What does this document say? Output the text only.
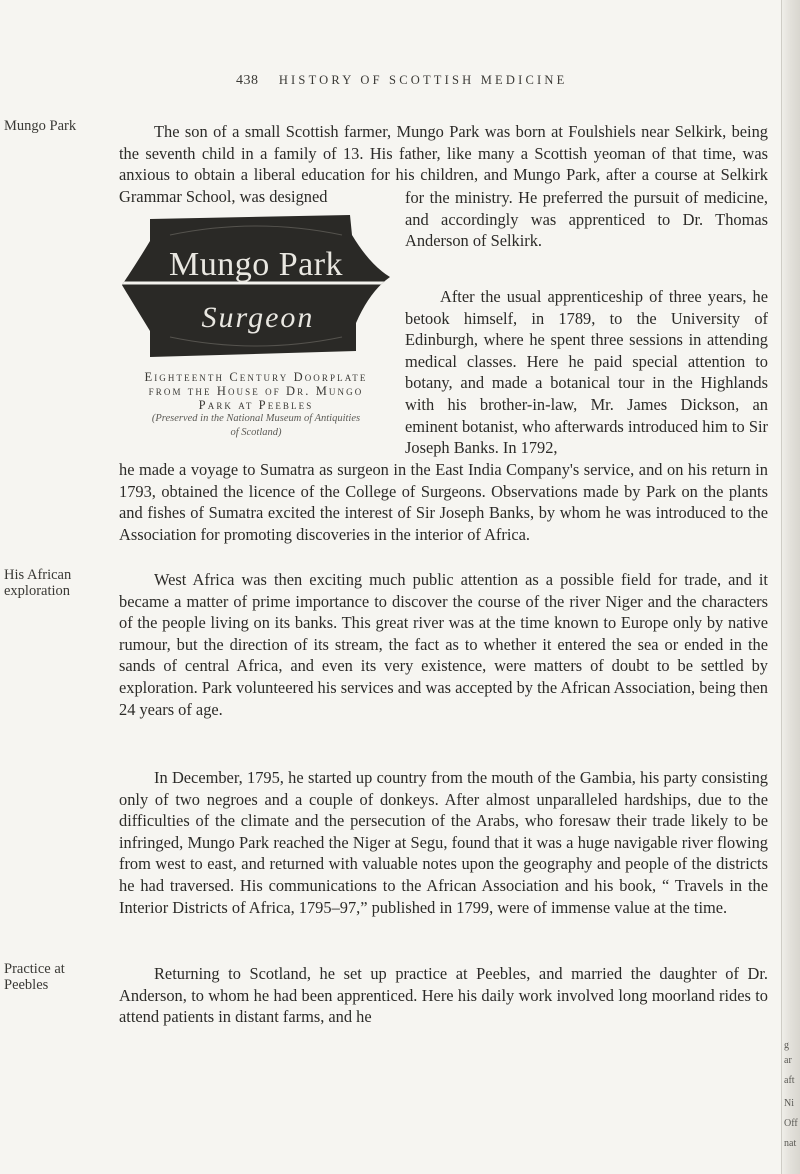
g
ar
aft
Ni
Off
nat
438 HISTORY OF SCOTTISH MEDICINE
Mungo Park
His African exploration
Practice at Peebles

The son of a small Scottish farmer, Mungo Park was born at Foulshiels near Selkirk, being the seventh child in a family of 13. His father, like many a Scottish yeoman of that time, was anxious to obtain a liberal education for his children, and Mungo Park, after a course at Selkirk Grammar School, was designed	for the ministry. He preferred the pursuit of medicine, and accordingly was apprenticed to Dr. Thomas Anderson of Selkirk.

After the usual apprenticeship of three years, he betook himself, in 1789, to the University of Edinburgh, where he spent three sessions in attending medical classes. Here he paid special attention to botany, and made a botanical tour in the Highlands with his brother-in-law, Mr. James Dickson, an eminent botanist, who afterwards introduced him to Sir Joseph Banks. In 1792,

Mungo Park
Surgeon
Eighteenth Century Doorplate
from the House of Dr. Mungo
Park at Peebles
(Preserved in the National Museum of Antiquities
of Scotland)

he made a voyage to Sumatra as surgeon in the East India Company's service, and on his return in 1793, obtained the licence of the College of Surgeons. Observations made by Park on the plants and fishes of Sumatra excited the interest of Sir Joseph Banks, by whom he was introduced to the Association for promoting discoveries in the interior of Africa.

West Africa was then exciting much public attention as a possible field for trade, and it became a matter of prime importance to discover the course of the river Niger and the characters of the people living on its banks. This great river was at the time known to Europe only by native rumour, but the direction of its stream, the fact as to whether it entered the sea or ended in the sands of central Africa, and even its very existence, were matters of doubt to be settled by exploration. Park volunteered his services and was accepted by the African Association, being then 24 years of age.

In December, 1795, he started up country from the mouth of the Gambia, his party consisting only of two negroes and a couple of donkeys. After almost unparalleled hardships, due to the difficulties of the climate and the persecution of the Arabs, who foresaw their trade likely to be infringed, Mungo Park reached the Niger at Segu, found that it was a huge navigable river flowing from west to east, and returned with valuable notes upon the geography and people of the districts he had traversed. His communications to the African Association and his book, “ Travels in the Interior Districts of Africa, 1795–97,” published in 1799, were of immense value at the time.

Returning to Scotland, he set up practice at Peebles, and married the daughter of Dr. Anderson, to whom he had been apprenticed. Here his daily work involved long moorland rides to attend patients in distant farms, and he
